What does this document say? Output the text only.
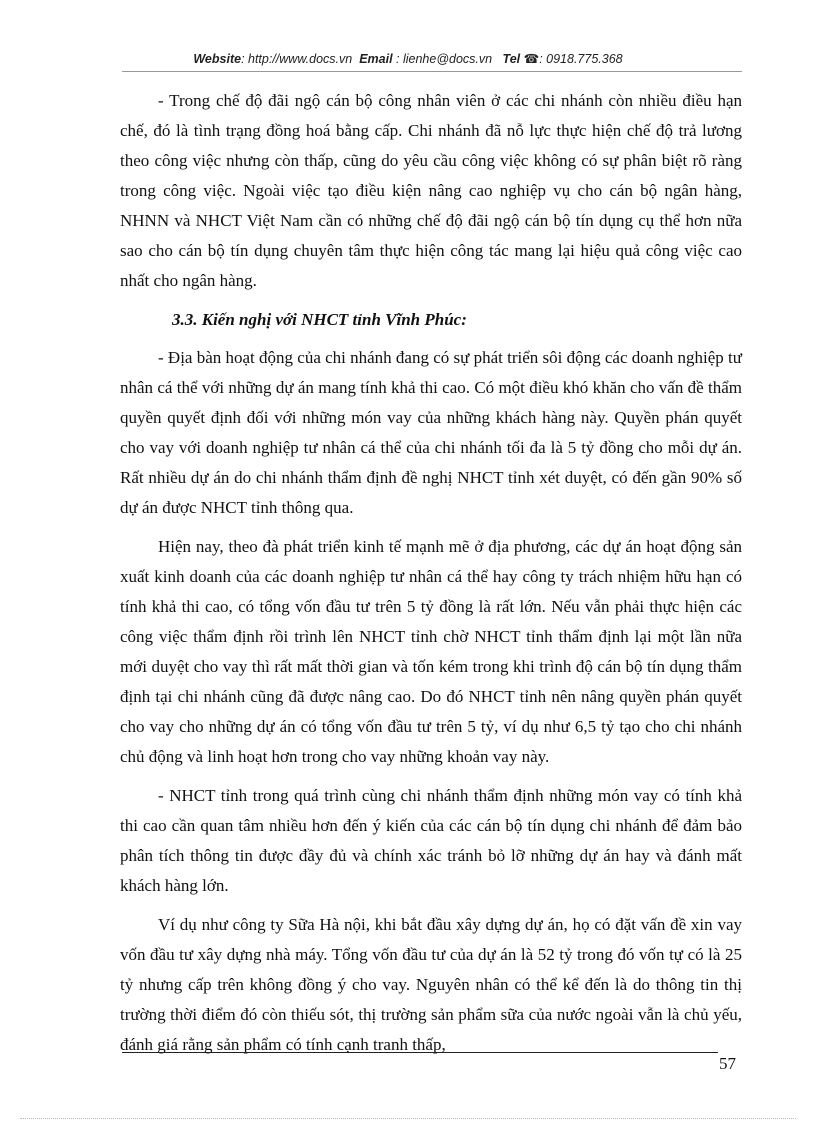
Website: http://www.docs.vn Email : lienhe@docs.vn Tel ☎: 0918.775.368

- Trong chế độ đãi ngộ cán bộ công nhân viên ở các chi nhánh còn nhiều điều hạn chế, đó là tình trạng đồng hoá bằng cấp. Chi nhánh đã nỗ lực thực hiện chế độ trả lương theo công việc nhưng còn thấp, cũng do yêu cầu công việc không có sự phân biệt rõ ràng trong công việc. Ngoài việc tạo điều kiện nâng cao nghiệp vụ cho cán bộ ngân hàng, NHNN và NHCT Việt Nam cần có những chế độ đãi ngộ cán bộ tín dụng cụ thể hơn nữa sao cho cán bộ tín dụng chuyên tâm thực hiện công tác mang lại hiệu quả công việc cao nhất cho ngân hàng.

3.3. Kiến nghị với NHCT tỉnh Vĩnh Phúc:

- Địa bàn hoạt động của chi nhánh đang có sự phát triển sôi động các doanh nghiệp tư nhân cá thể với những dự án mang tính khả thi cao. Có một điều khó khăn cho vấn đề thẩm quyền quyết định đối với những món vay của những khách hàng này. Quyền phán quyết cho vay với doanh nghiệp tư nhân cá thể của chi nhánh tối đa là 5 tỷ đồng cho mỗi dự án. Rất nhiều dự án do chi nhánh thẩm định đề nghị NHCT tỉnh xét duyệt, có đến gần 90% số dự án được NHCT tỉnh thông qua.

Hiện nay, theo đà phát triển kinh tế mạnh mẽ ở địa phương, các dự án hoạt động sản xuất kinh doanh của các doanh nghiệp tư nhân cá thể hay công ty trách nhiệm hữu hạn có tính khả thi cao, có tổng vốn đầu tư trên 5 tỷ đồng là rất lớn. Nếu vẫn phải thực hiện các công việc thẩm định rồi trình lên NHCT tỉnh chờ NHCT tỉnh thẩm định lại một lần nữa mới duyệt cho vay thì rất mất thời gian và tốn kém trong khi trình độ cán bộ tín dụng thẩm định tại chi nhánh cũng đã được nâng cao. Do đó NHCT tỉnh nên nâng quyền phán quyết cho vay cho những dự án có tổng vốn đầu tư trên 5 tỷ, ví dụ như 6,5 tỷ tạo cho chi nhánh chủ động và linh hoạt hơn trong cho vay những khoản vay này.

- NHCT tỉnh trong quá trình cùng chi nhánh thẩm định những món vay có tính khả thi cao cần quan tâm nhiều hơn đến ý kiến của các cán bộ tín dụng chi nhánh để đảm bảo phân tích thông tin được đầy đủ và chính xác tránh bỏ lỡ những dự án hay và đánh mất khách hàng lớn.

Ví dụ như công ty Sữa Hà nội, khi bắt đầu xây dựng dự án, họ có đặt vấn đề xin vay vốn đầu tư xây dựng nhà máy. Tổng vốn đầu tư của dự án là 52 tỷ trong đó vốn tự có là 25 tỷ nhưng cấp trên không đồng ý cho vay. Nguyên nhân có thể kể đến là do thông tin thị trường thời điểm đó còn thiếu sót, thị trường sản phẩm sữa của nước ngoài vẫn là chủ yếu, đánh giá rằng sản phẩm có tính cạnh tranh thấp,

57
